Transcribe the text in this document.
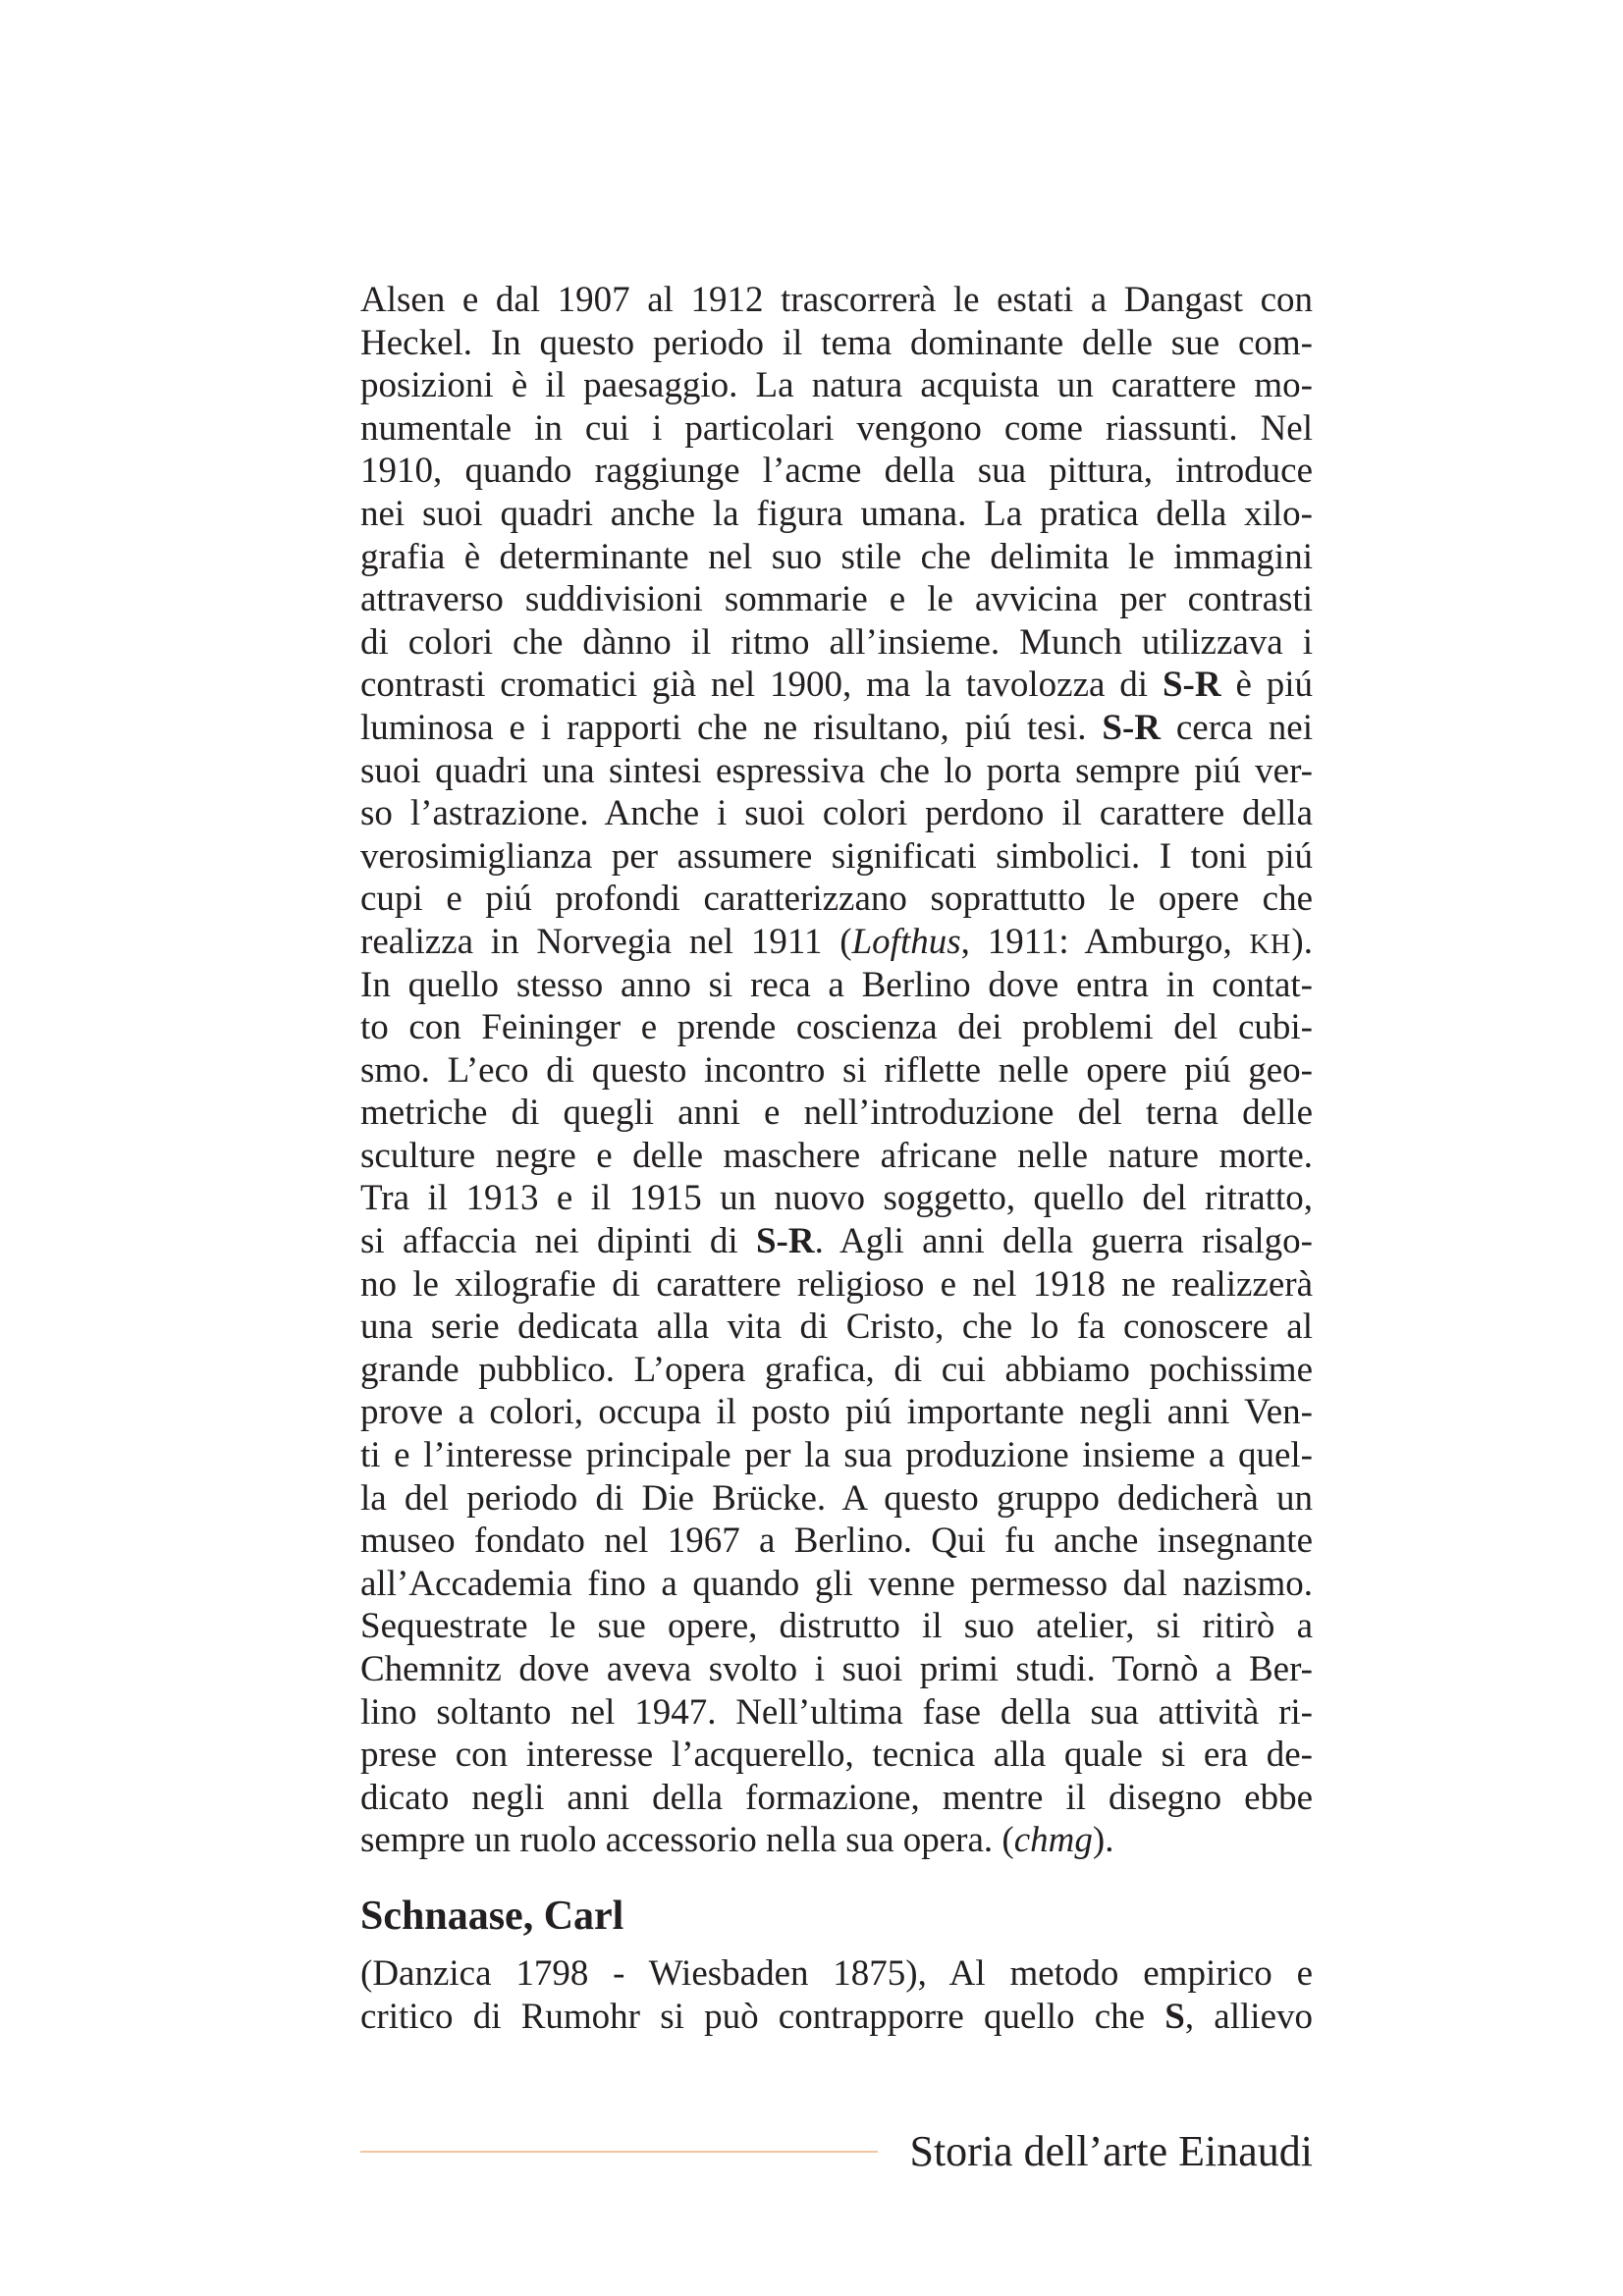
Alsen e dal 1907 al 1912 trascorrerà le estati a Dangast con
Heckel. In questo periodo il tema dominante delle sue com-
posizioni è il paesaggio. La natura acquista un carattere mo-
numentale in cui i particolari vengono come riassunti. Nel
1910, quando raggiunge l’acme della sua pittura, introduce
nei suoi quadri anche la figura umana. La pratica della xilo-
grafia è determinante nel suo stile che delimita le immagini
attraverso suddivisioni sommarie e le avvicina per contrasti
di colori che dànno il ritmo all’insieme. Munch utilizzava i
contrasti cromatici già nel 1900, ma la tavolozza di S-R è piú
luminosa e i rapporti che ne risultano, piú tesi. S-R cerca nei
suoi quadri una sintesi espressiva che lo porta sempre piú ver-
so l’astrazione. Anche i suoi colori perdono il carattere della
verosimiglianza per assumere significati simbolici. I toni piú
cupi e piú profondi caratterizzano soprattutto le opere che
realizza in Norvegia nel 1911 (Lofthus, 1911: Amburgo, KH).
In quello stesso anno si reca a Berlino dove entra in contat-
to con Feininger e prende coscienza dei problemi del cubi-
smo. L’eco di questo incontro si riflette nelle opere piú geo-
metriche di quegli anni e nell’introduzione del terna delle
sculture negre e delle maschere africane nelle nature morte.
Tra il 1913 e il 1915 un nuovo soggetto, quello del ritratto,
si affaccia nei dipinti di S-R. Agli anni della guerra risalgo-
no le xilografie di carattere religioso e nel 1918 ne realizzerà
una serie dedicata alla vita di Cristo, che lo fa conoscere al
grande pubblico. L’opera grafica, di cui abbiamo pochissime
prove a colori, occupa il posto piú importante negli anni Ven-
ti e l’interesse principale per la sua produzione insieme a quel-
la del periodo di Die Brücke. A questo gruppo dedicherà un
museo fondato nel 1967 a Berlino. Qui fu anche insegnante
all’Accademia fino a quando gli venne permesso dal nazismo.
Sequestrate le sue opere, distrutto il suo atelier, si ritirò a
Chemnitz dove aveva svolto i suoi primi studi. Tornò a Ber-
lino soltanto nel 1947. Nell’ultima fase della sua attività ri-
prese con interesse l’acquerello, tecnica alla quale si era de-
dicato negli anni della formazione, mentre il disegno ebbe
sempre un ruolo accessorio nella sua opera. (chmg).
Schnaase, Carl
(Danzica 1798 - Wiesbaden 1875), Al metodo empirico e
critico di Rumohr si può contrapporre quello che S, allievo
Storia dell’arte Einaudi
